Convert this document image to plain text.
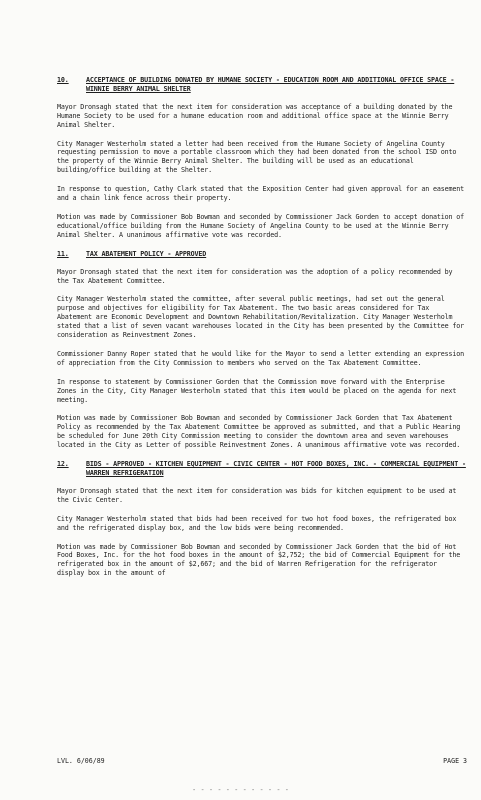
10.	ACCEPTANCE OF BUILDING DONATED BY HUMANE SOCIETY - EDUCATION ROOM AND ADDITIONAL OFFICE SPACE - WINNIE BERRY ANIMAL SHELTER

Mayor Dronsagh stated that the next item for consideration was acceptance of a building donated by the Humane Society to be used for a humane education room and additional office space at the Winnie Berry Animal Shelter.

City Manager Westerholm stated a letter had been received from the Humane Society of Angelina County requesting permission to move a portable classroom which they had been donated from the school ISD onto the property of the Winnie Berry Animal Shelter. The building will be used as an educational building/office building at the Shelter.

In response to question, Cathy Clark stated that the Exposition Center had given approval for an easement and a chain link fence across their property.

Motion was made by Commissioner Bob Bowman and seconded by Commissioner Jack Gorden to accept donation of educational/office building from the Humane Society of Angelina County to be used at the Winnie Berry Animal Shelter. A unanimous affirmative vote was recorded.

11.	TAX ABATEMENT POLICY - APPROVED

Mayor Dronsagh stated that the next item for consideration was the adoption of a policy recommended by the Tax Abatement Committee.

City Manager Westerholm stated the committee, after several public meetings, had set out the general purpose and objectives for eligibility for Tax Abatement. The two basic areas considered for Tax Abatement are Economic Development and Downtown Rehabilitation/Revitalization. City Manager Westerholm stated that a list of seven vacant warehouses located in the City has been presented by the Committee for consideration as Reinvestment Zones.

Commissioner Danny Roper stated that he would like for the Mayor to send a letter extending an expression of appreciation from the City Commission to members who served on the Tax Abatement Committee.

In response to statement by Commissioner Gorden that the Commission move forward with the Enterprise Zones in the City, City Manager Westerholm stated that this item would be placed on the agenda for next meeting.

Motion was made by Commissioner Bob Bowman and seconded by Commissioner Jack Gorden that Tax Abatement Policy as recommended by the Tax Abatement Committee be approved as submitted, and that a Public Hearing be scheduled for June 20th City Commission meeting to consider the downtown area and seven warehouses located in the City as Letter of possible Reinvestment Zones. A unanimous affirmative vote was recorded.

12.	BIDS - APPROVED - KITCHEN EQUIPMENT - CIVIC CENTER - HOT FOOD BOXES, INC. - COMMERCIAL EQUIPMENT - WARREN REFRIGERATION

Mayor Dronsagh stated that the next item for consideration was bids for kitchen equipment to be used at the Civic Center.

City Manager Westerholm stated that bids had been received for two hot food boxes, the refrigerated box and the refrigerated display box, and the low bids were being recommended.

Motion was made by Commissioner Bob Bowman and seconded by Commissioner Jack Gorden that the bid of Hot Food Boxes, Inc. for the hot food boxes in the amount of $2,752; the bid of Commercial Equipment for the refrigerated box in the amount of $2,667; and the bid of Warren Refrigeration for the refrigerator display box in the amount of

LVL. 6/06/89	PAGE 3
- - - - - - - - - - - -
